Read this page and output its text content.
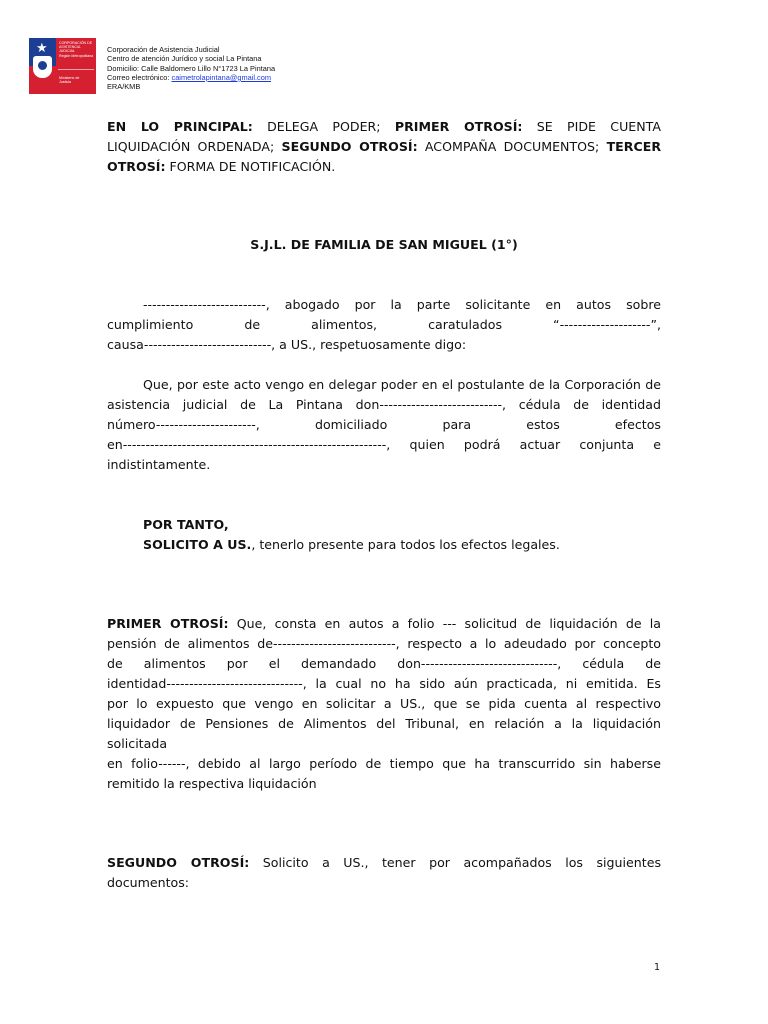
★	CORPORACIÓN DE
ASISTENCIA
JUDICIAL
Región Metropolitana
Ministerio de
Justicia
Corporación de Asistencia Judicial
Centro de atención Jurídico y social La Pintana
Domicilio: Calle Baldomero Lillo N°1723 La Pintana
Correo electrónico: caimetrolapintana@gmail.com
ERA/KMB
EN LO PRINCIPAL: DELEGA PODER; PRIMER OTROSÍ: SE PIDE CUENTA
LIQUIDACIÓN ORDENADA; SEGUNDO OTROSÍ: ACOMPAÑA DOCUMENTOS; TERCER
OTROSÍ: FORMA DE NOTIFICACIÓN.
S.J.L. DE FAMILIA DE SAN MIGUEL (1°)
---------------------------, abogado por la parte solicitante en autos sobre
cumplimiento de alimentos, caratulados “--------------------”,
causa----------------------------, a US., respetuosamente digo:
Que, por este acto vengo en delegar poder en el postulante de la Corporación de
asistencia judicial de La Pintana don---------------------------, cédula de identidad
número----------------------, domiciliado para estos efectos
en----------------------------------------------------------, quien podrá actuar conjunta e
indistintamente.
POR TANTO,
SOLICITO A US., tenerlo presente para todos los efectos legales.
PRIMER OTROSÍ: Que, consta en autos a folio --- solicitud de liquidación de la
pensión de alimentos de---------------------------, respecto a lo adeudado por concepto
de alimentos por el demandado don------------------------------, cédula de
identidad------------------------------, la cual no ha sido aún practicada, ni emitida. Es
por lo expuesto que vengo en solicitar a US., que se pida cuenta al respectivo
liquidador de Pensiones de Alimentos del Tribunal, en relación a la liquidación solicitada
en folio------, debido al largo período de tiempo que ha transcurrido sin haberse
remitido la respectiva liquidación
SEGUNDO OTROSÍ: Solicito a US., tener por acompañados los siguientes
documentos:
1
